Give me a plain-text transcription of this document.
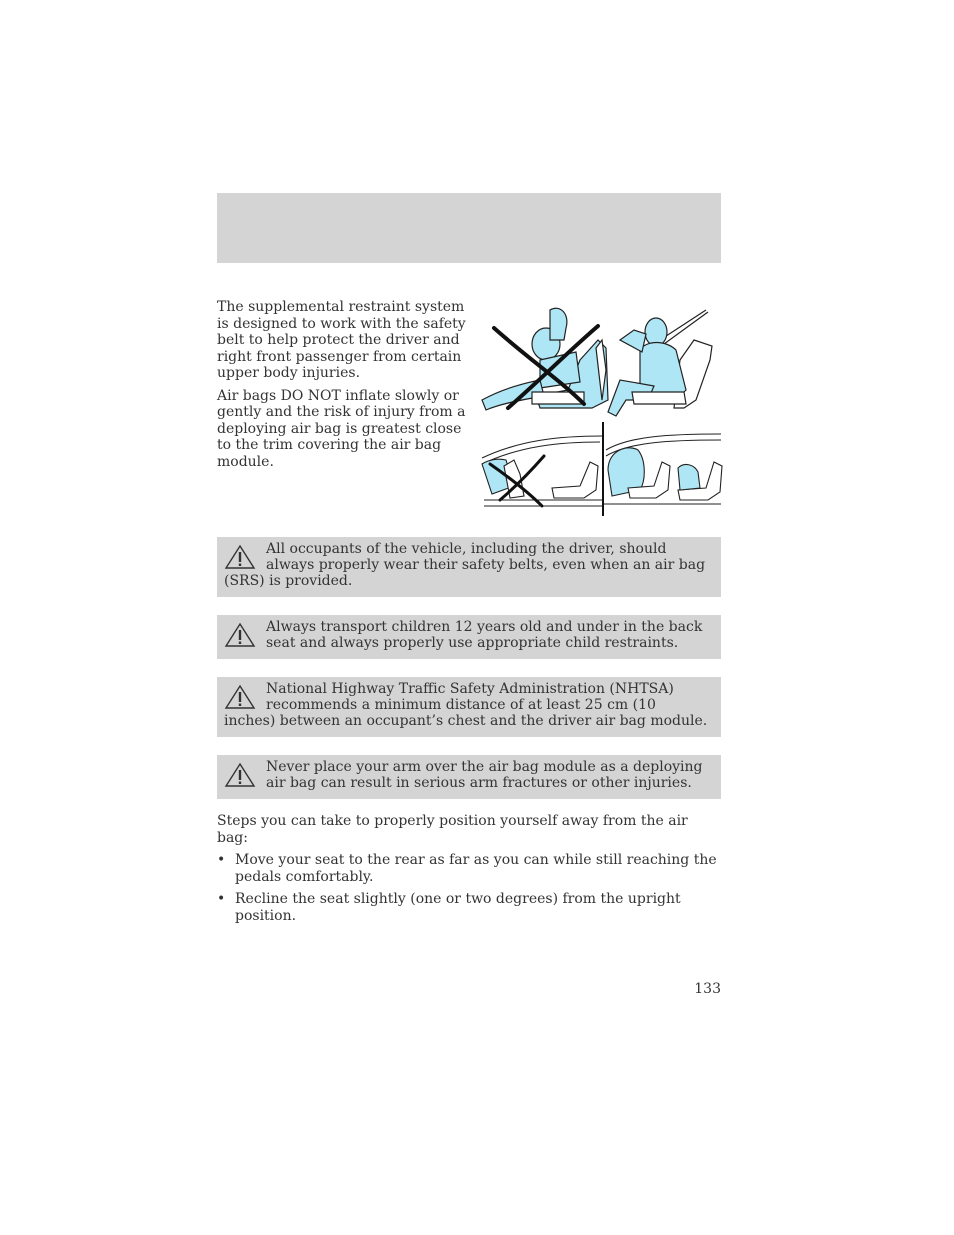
The supplemental restraint system is designed to work with the safety belt to help protect the driver and right front passenger from certain upper body injuries.

Air bags DO NOT inflate slowly or gently and the risk of injury from a deploying air bag is greatest close to the trim covering the air bag module.

All occupants of the vehicle, including the driver, should always properly wear their safety belts, even when an air bag (SRS) is provided.
Always transport children 12 years old and under in the back seat and always properly use appropriate child restraints.
National Highway Traffic Safety Administration (NHTSA) recommends a minimum distance of at least 25 cm (10 inches) between an occupant’s chest and the driver air bag module.
Never place your arm over the air bag module as a deploying air bag can result in serious arm fractures or other injuries.

Steps you can take to properly position yourself away from the air bag:

• Move your seat to the rear as far as you can while still reaching the pedals comfortably.
• Recline the seat slightly (one or two degrees) from the upright position.
133
